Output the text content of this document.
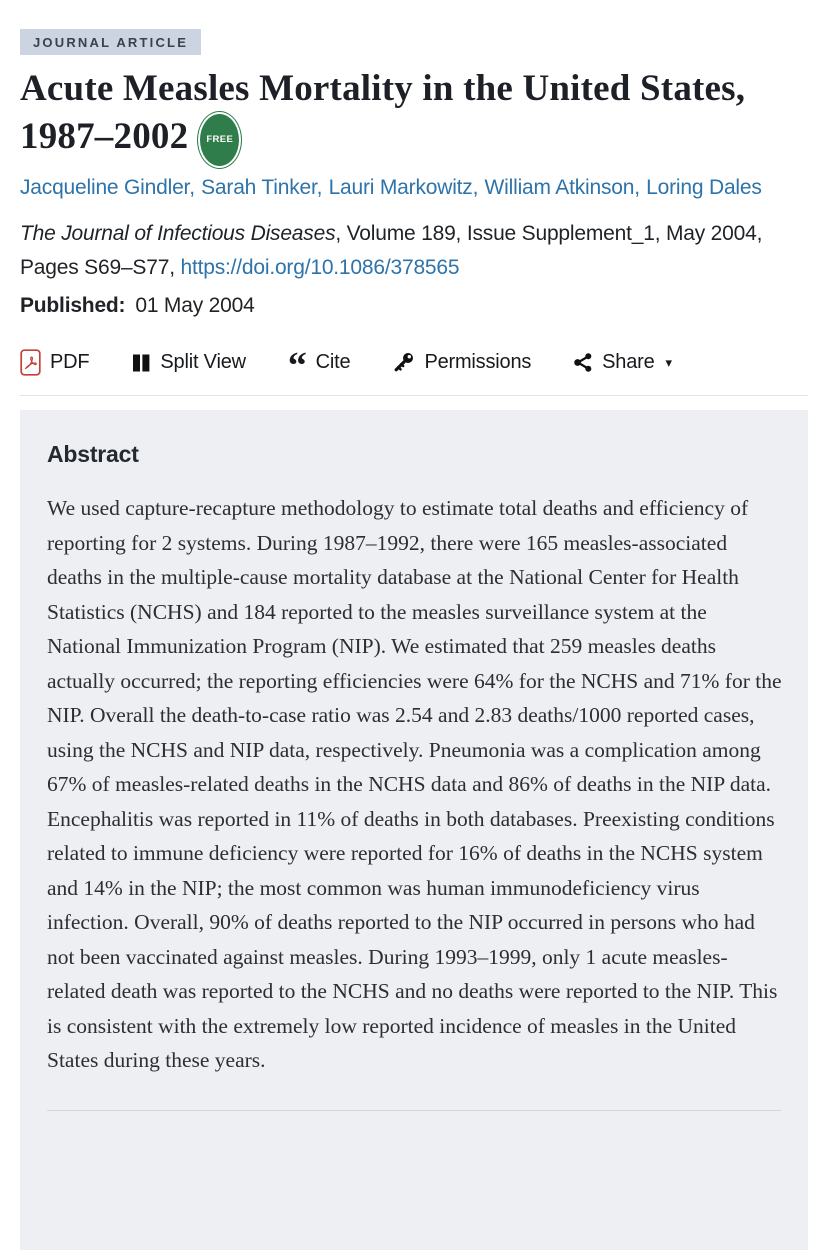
JOURNAL ARTICLE
Acute Measles Mortality in the United States,
1987–2002 FREE
Jacqueline Gindler, Sarah Tinker, Lauri Markowitz, William Atkinson, Loring Dales
The Journal of Infectious Diseases, Volume 189, Issue Supplement_1, May 2004, Pages S69–S77, https://doi.org/10.1086/378565
Published: 01 May 2004
PDF	Split View “ Cite	Permissions	Share ▾
Abstract
We used capture-recapture methodology to estimate total deaths and efficiency of reporting for 2 systems. During 1987–1992, there were 165 measles-associated deaths in the multiple-cause mortality database at the National Center for Health Statistics (NCHS) and 184 reported to the measles surveillance system at the National Immunization Program (NIP). We estimated that 259 measles deaths actually occurred; the reporting efficiencies were 64% for the NCHS and 71% for the NIP. Overall the death-to-case ratio was 2.54 and 2.83 deaths/1000 reported cases, using the NCHS and NIP data, respectively. Pneumonia was a complication among 67% of measles-related deaths in the NCHS data and 86% of deaths in the NIP data. Encephalitis was reported in 11% of deaths in both databases. Preexisting conditions related to immune deficiency were reported for 16% of deaths in the NCHS system and 14% in the NIP; the most common was human immunodeficiency virus infection. Overall, 90% of deaths reported to the NIP occurred in persons who had not been vaccinated against measles. During 1993–1999, only 1 acute measles-related death was reported to the NCHS and no deaths were reported to the NIP. This is consistent with the extremely low reported incidence of measles in the United States during these years.
